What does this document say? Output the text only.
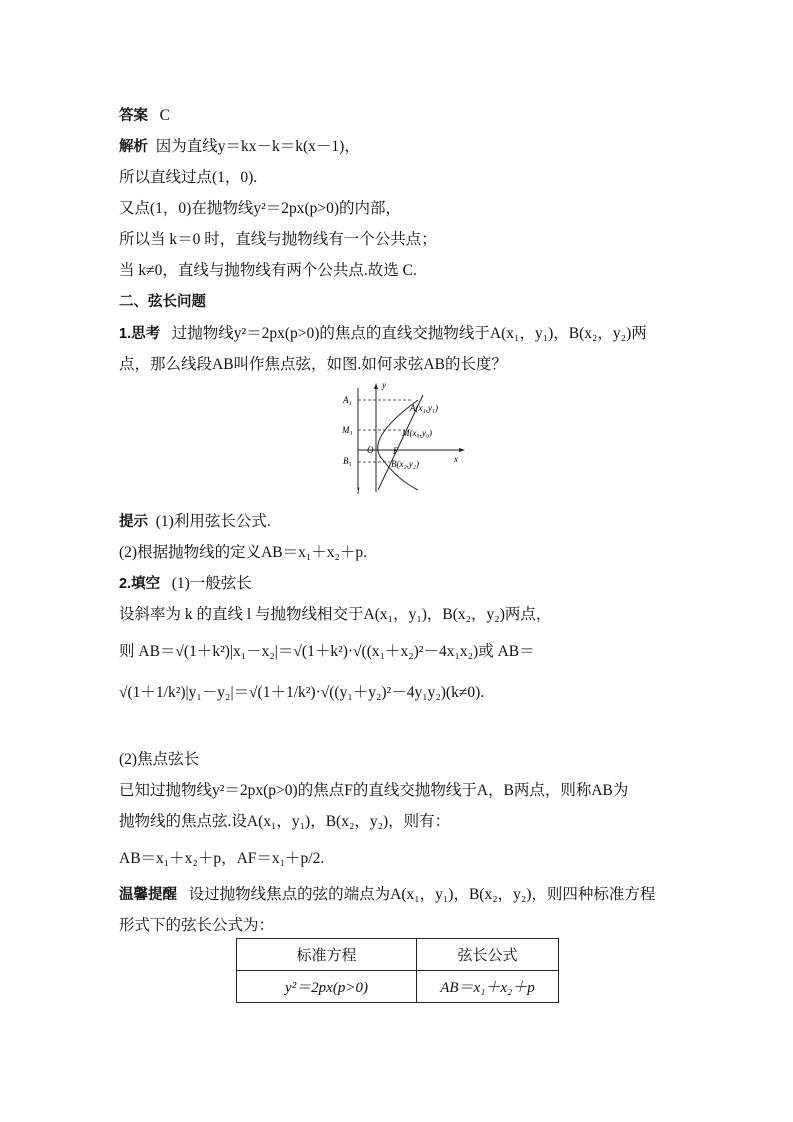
答案 C
解析 因为直线y＝kx－k＝k(x－1)，
所以直线过点(1，0).
又点(1，0)在抛物线y²＝2px(p>0)的内部，
所以当 k＝0 时，直线与抛物线有一个公共点；
当 k≠0，直线与抛物线有两个公共点.故选 C.
二、弦长问题
1.思考 过抛物线y²＝2px(p>0)的焦点的直线交抛物线于A(x₁，y₁)，B(x₂，y₂)两
点，那么线段AB叫作焦点弦，如图.如何求弦AB的长度？
y
x
A₁
M₁
B₁
O F
l
A(x₁,y₁)
M(x₀,y₀)
B(x₂,y₂)
提示 (1)利用弦长公式.
(2)根据抛物线的定义AB＝x₁＋x₂＋p.
2.填空 (1)一般弦长
设斜率为 k 的直线 l 与抛物线相交于A(x₁，y₁)，B(x₂，y₂)两点，
则 AB＝√(1＋k²)|x₁－x₂|＝√(1＋k²)·√((x₁＋x₂)²－4x₁x₂)或 AB＝
√(1＋1/k²)|y₁－y₂|＝√(1＋1/k²)·√((y₁＋y₂)²－4y₁y₂)(k≠0).
(2)焦点弦长
已知过抛物线y²＝2px(p>0)的焦点F的直线交抛物线于A，B两点，则称AB为
抛物线的焦点弦.设A(x₁，y₁)，B(x₂，y₂)，则有：
AB＝x₁＋x₂＋p，AF＝x₁＋p/2.
温馨提醒 设过抛物线焦点的弦的端点为A(x₁，y₁)，B(x₂，y₂)，则四种标准方程
形式下的弦长公式为：
标准方程	弦长公式
y²＝2px(p>0)	AB＝x₁＋x₂＋p
